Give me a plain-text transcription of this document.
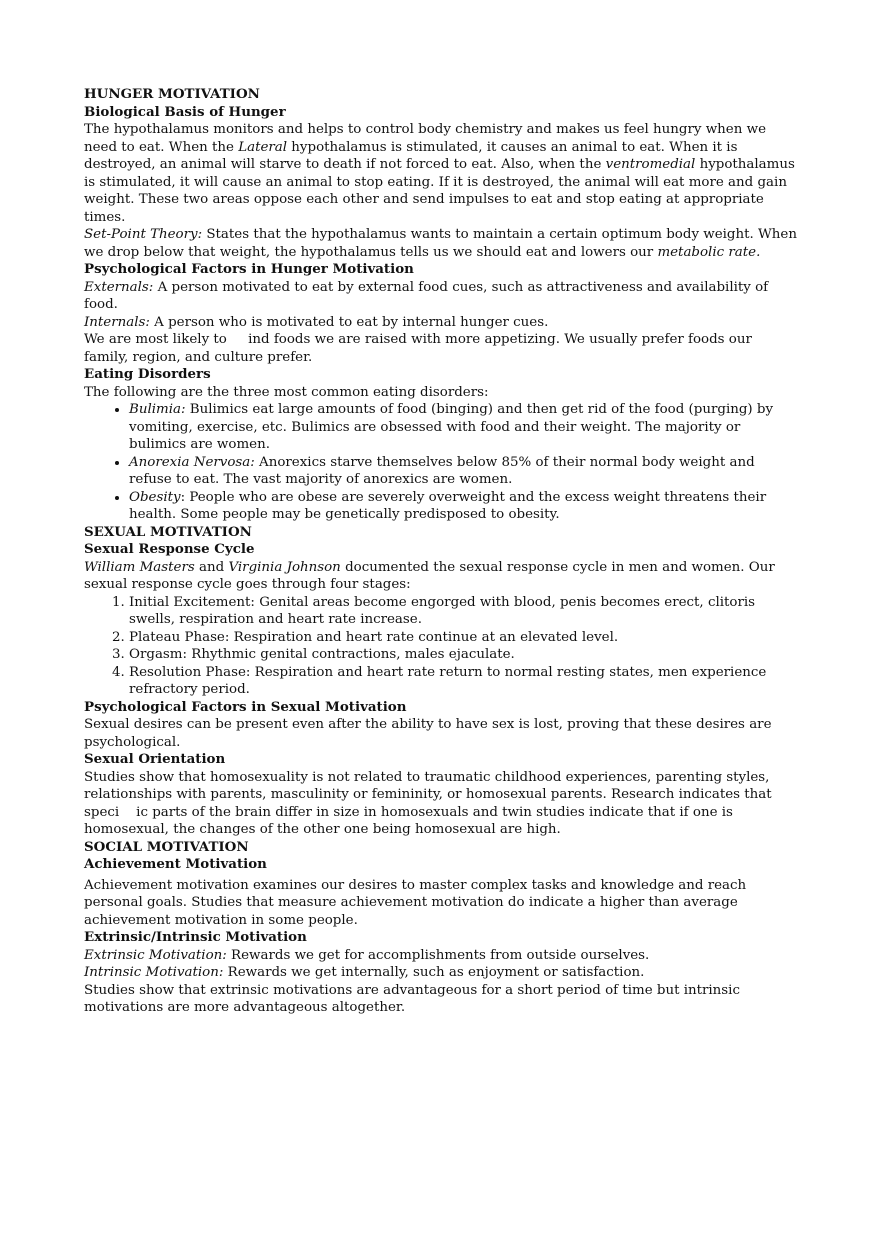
HUNGER MOTIVATION

Biological Basis of Hunger

The hypothalamus monitors and helps to control body chemistry and makes us feel hungry when we need to eat. When the Lateral hypothalamus is stimulated, it causes an animal to eat. When it is destroyed, an animal will starve to death if not forced to eat. Also, when the ventromedial hypothalamus is stimulated, it will cause an animal to stop eating. If it is destroyed, the animal will eat more and gain weight. These two areas oppose each other and send impulses to eat and stop eating at appropriate times.

Set-Point Theory: States that the hypothalamus wants to maintain a certain optimum body weight. When we drop below that weight, the hypothalamus tells us we should eat and lowers our metabolic rate.

Psychological Factors in Hunger Motivation

Externals: A person motivated to eat by external food cues, such as attractiveness and availability of food.

Internals: A person who is motivated to eat by internal hunger cues.

We are most likely to     ind foods we are raised with more appetizing. We usually prefer foods our family, region, and culture prefer.

Eating Disorders

The following are the three most common eating disorders:

• Bulimia: Bulimics eat large amounts of food (binging) and then get rid of the food (purging) by vomiting, exercise, etc. Bulimics are obsessed with food and their weight. The majority or bulimics are women.
• Anorexia Nervosa: Anorexics starve themselves below 85% of their normal body weight and refuse to eat. The vast majority of anorexics are women.
• Obesity: People who are obese are severely overweight and the excess weight threatens their health. Some people may be genetically predisposed to obesity.

SEXUAL MOTIVATION

Sexual Response Cycle

William Masters and Virginia Johnson documented the sexual response cycle in men and women. Our sexual response cycle goes through four stages:

1. Initial Excitement: Genital areas become engorged with blood, penis becomes erect, clitoris swells, respiration and heart rate increase.
2. Plateau Phase: Respiration and heart rate continue at an elevated level.
3. Orgasm: Rhythmic genital contractions, males ejaculate.
4. Resolution Phase: Respiration and heart rate return to normal resting states, men experience refractory period.

Psychological Factors in Sexual Motivation

Sexual desires can be present even after the ability to have sex is lost, proving that these desires are psychological.

Sexual Orientation

Studies show that homosexuality is not related to traumatic childhood experiences, parenting styles, relationships with parents, masculinity or femininity, or homosexual parents. Research indicates that speci    ic parts of the brain differ in size in homosexuals and twin studies indicate that if one is homosexual, the changes of the other one being homosexual are high.

SOCIAL MOTIVATION

Achievement Motivation

Achievement motivation examines our desires to master complex tasks and knowledge and reach personal goals. Studies that measure achievement motivation do indicate a higher than average achievement motivation in some people.

Extrinsic/Intrinsic Motivation

Extrinsic Motivation: Rewards we get for accomplishments from outside ourselves.

Intrinsic Motivation: Rewards we get internally, such as enjoyment or satisfaction.

Studies show that extrinsic motivations are advantageous for a short period of time but intrinsic motivations are more advantageous altogether.
